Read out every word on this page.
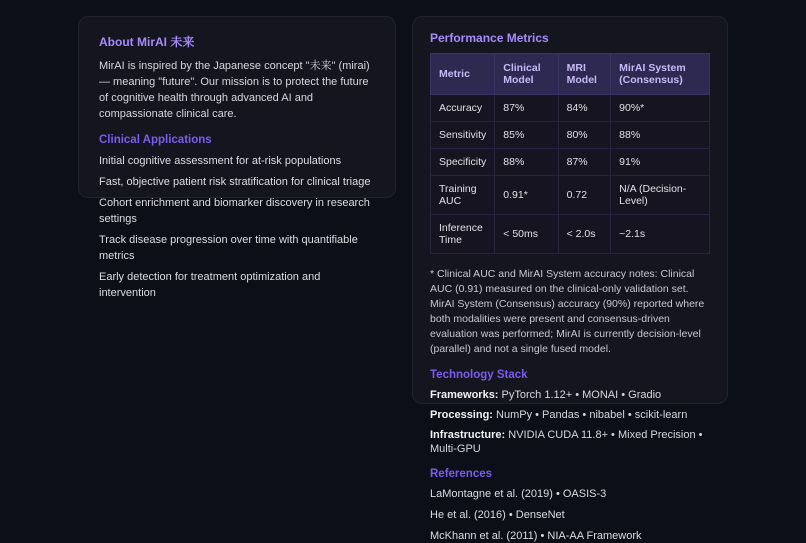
About MirAI 未来

MirAI is inspired by the Japanese concept "未来" (mirai) — meaning "future". Our mission is to protect the future of cognitive health through advanced AI and compassionate clinical care.

Clinical Applications
Initial cognitive assessment for at-risk populations
Fast, objective patient risk stratification for clinical triage
Cohort enrichment and biomarker discovery in research settings
Track disease progression over time with quantifiable metrics
Early detection for treatment optimization and intervention
Performance Metrics
Metric	Clinical Model	MRI Model	MirAI System (Consensus)
Accuracy	87%	84%	90%*
Sensitivity	85%	80%	88%
Specificity	88%	87%	91%
Training AUC	0.91*	0.72	N/A (Decision-Level)
Inference Time	< 50ms	< 2.0s	~2.1s

* Clinical AUC and MirAI System accuracy notes: Clinical AUC (0.91) measured on the clinical-only validation set. MirAI System (Consensus) accuracy (90%) reported where both modalities were present and consensus-driven evaluation was performed; MirAI is currently decision-level (parallel) and not a single fused model.

Technology Stack
Frameworks: PyTorch 1.12+ • MONAI • Gradio
Processing: NumPy • Pandas • nibabel • scikit-learn
Infrastructure: NVIDIA CUDA 11.8+ • Mixed Precision • Multi-GPU
References
LaMontagne et al. (2019) • OASIS-3
He et al. (2016) • DenseNet
McKhann et al. (2011) • NIA-AA Framework
